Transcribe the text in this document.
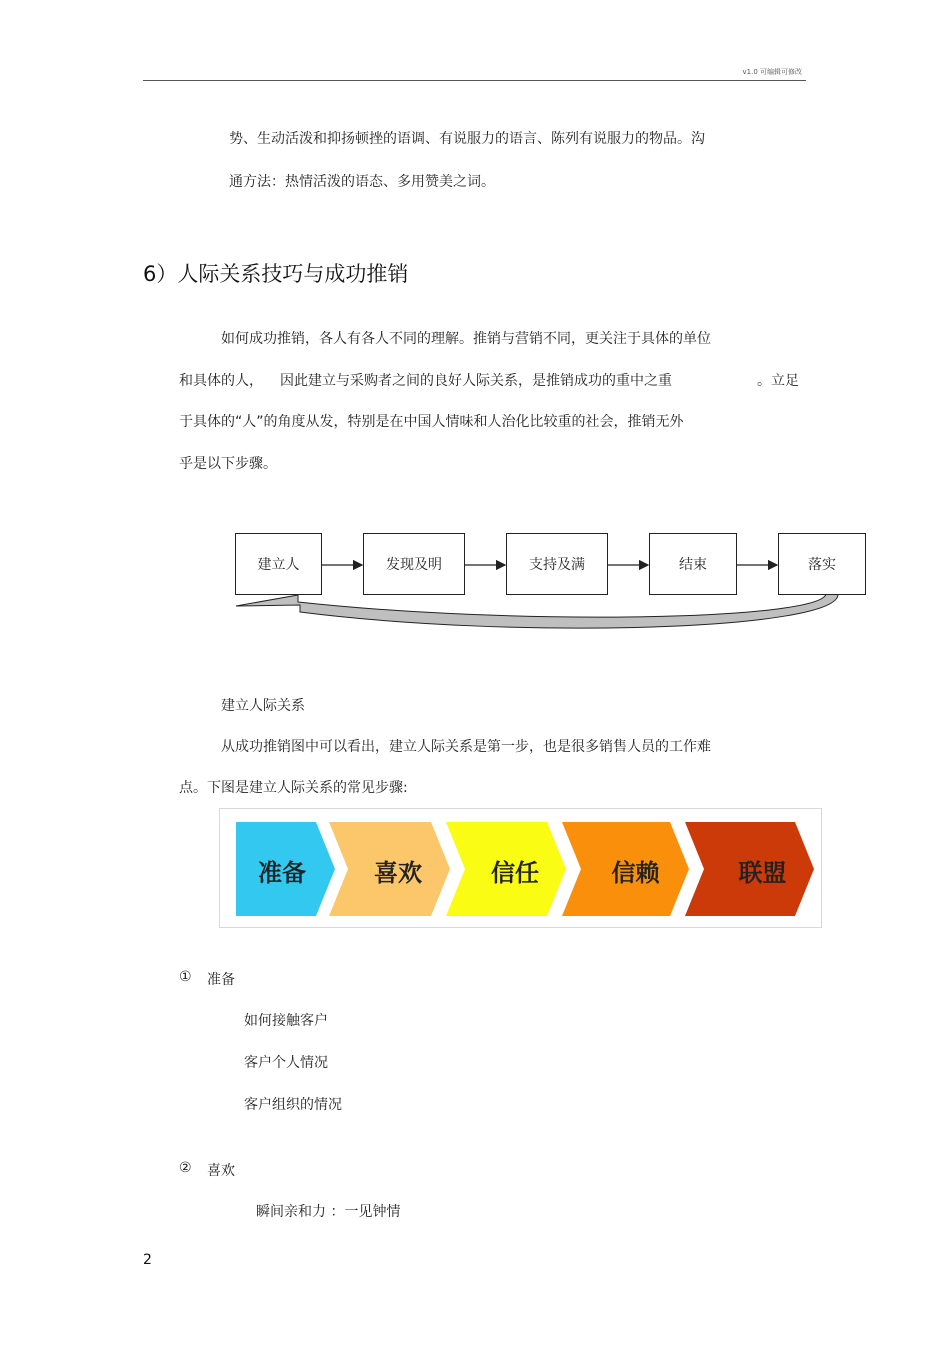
v1.0 可编辑可修改
势、生动活泼和抑扬顿挫的语调、有说服力的语言、陈列有说服力的物品。沟
通方法：热情活泼的语态、多用赞美之词。
6）人际关系技巧与成功推销
如何成功推销，各人有各人不同的理解。推销与营销不同，更关注于具体的单位
和具体的人， 因此建立与采购者之间的良好人际关系，是推销成功的重中之重	。立足
于具体的“人”的角度从发，特别是在中国人情味和人治化比较重的社会，推销无外
乎是以下步骤。
建立人	发现及明	支持及满	结束	落实
建立人际关系
从成功推销图中可以看出，建立人际关系是第一步，也是很多销售人员的工作难
点。下图是建立人际关系的常见步骤:
准备	喜欢	信任	信赖	联盟
① 准备
如何接触客户
客户个人情况
客户组织的情况
② 喜欢
瞬间亲和力 ：一见钟情
2
